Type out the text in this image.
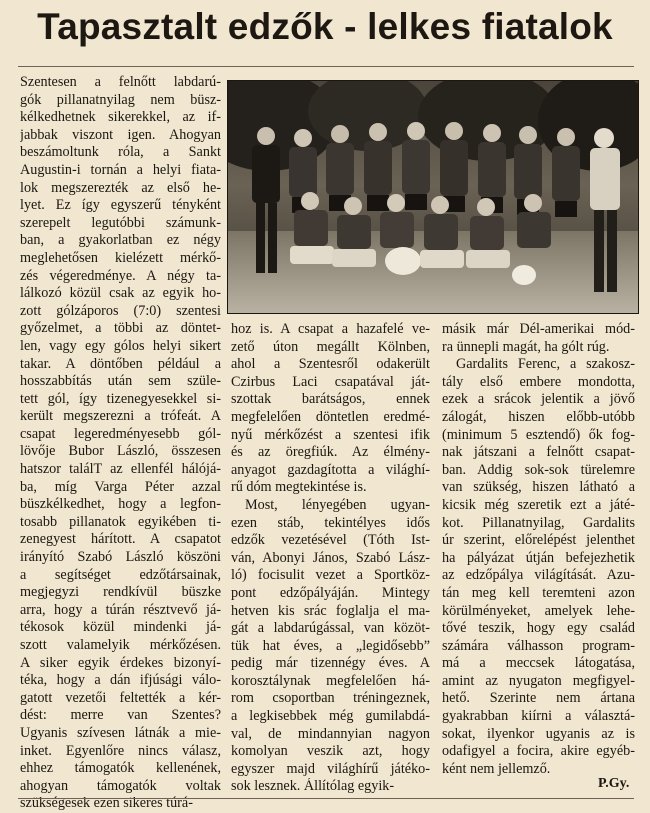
Tapasztalt edzők - lelkes fiatalok
Szentesen a felnőtt labdarú-
gók pillanatnyilag nem büsz-
kélkedhetnek sikerekkel, az if-
jabbak viszont igen. Ahogyan
beszámoltunk róla, a Sankt
Augustin-i tornán a helyi fiata-
lok megszerezték az első he-
lyet. Ez így egyszerű tényként
szerepelt legutóbbi számunk-
ban, a gyakorlatban ez négy
meglehetősen kielézett mérkő-
zés végeredménye. A négy ta-
lálkozó közül csak az egyik ho-
zott gólzáporos (7:0) szentesi
győzelmet, a többi az döntet-
len, vagy egy gólos helyi sikert
takar. A döntőben például a
hosszabbítás után sem szüle-
tett gól, így tizenegyesekkel si-
került megszerezni a trófeát. A
csapat legeredményesebb gól-
lövője Bubor László, összesen
hatszor találT az ellenfél hálójá-
ba, míg Varga Péter azzal
büszkélkedhet, hogy a legfon-
tosabb pillanatok egyikében ti-
zenegyest hárított. A csapatot
irányító Szabó László köszöni
a segítséget edzőtársainak,
megjegyzi rendkívül büszke
arra, hogy a túrán résztvevő já-
tékosok közül mindenki já-
szott valamelyik mérkőzésen.
A siker egyik érdekes bizonyí-
téka, hogy a dán ifjúsági válo-
gatott vezetői feltették a kér-
dést: merre van Szentes?
Ugyanis szívesen látnák a mie-
inket. Egyenlőre nincs válasz,
ehhez támogatók kellenének,
ahogyan támogatók voltak
szükségesek ezen sikeres túrá-
hoz is. A csapat a hazafelé ve-
zető úton megállt Kölnben,
ahol a Szentesről odakerült
Czirbus Laci csapatával ját-
szottak barátságos, ennek
megfelelően döntetlen eredmé-
nyű mérkőzést a szentesi ifik
és az öregfiúk. Az élmény-
anyagot gazdagította a világhí-
rű dóm megtekintése is.
Most, lényegében ugyan-
ezen stáb, tekintélyes idős
edzők vezetésével (Tóth Ist-
ván, Abonyi János, Szabó Lász-
ló) focisulit vezet a Sportköz-
pont edzőpályáján. Mintegy
hetven kis srác foglalja el ma-
gát a labdarúgással, van közöt-
tük hat éves, a „legidősebb”
pedig már tizennégy éves. A
korosztálynak megfelelően há-
rom csoportban tréningeznek,
a legkisebbek még gumilabdá-
val, de mindannyian nagyon
komolyan veszik azt, hogy
egyszer majd világhírű játéko-
sok lesznek. Állítólag egyik-
másik már Dél-amerikai mód-
ra ünnepli magát, ha gólt rúg.
Gardalits Ferenc, a szakosz-
tály első embere mondotta,
ezek a srácok jelentik a jövő
zálogát, hiszen előbb-utóbb
(minimum 5 esztendő) ők fog-
nak játszani a felnőtt csapat-
ban. Addig sok-sok türelemre
van szükség, hiszen látható a
kicsik még szeretik ezt a játé-
kot. Pillanatnyilag, Gardalits
úr szerint, előrelépést jelenthet
ha pályázat útján befejezhetik
az edzőpálya világítását. Azu-
tán meg kell teremteni azon
körülményeket, amelyek lehe-
tővé teszik, hogy egy család
számára válhasson program-
má a meccsek látogatása,
amint az nyugaton megfigyel-
hető. Szerinte nem ártana
gyakrabban kiírni a választá-
sokat, ilyenkor ugyanis az is
odafigyel a focira, akire egyéb-
ként nem jellemző.
P.Gy.
